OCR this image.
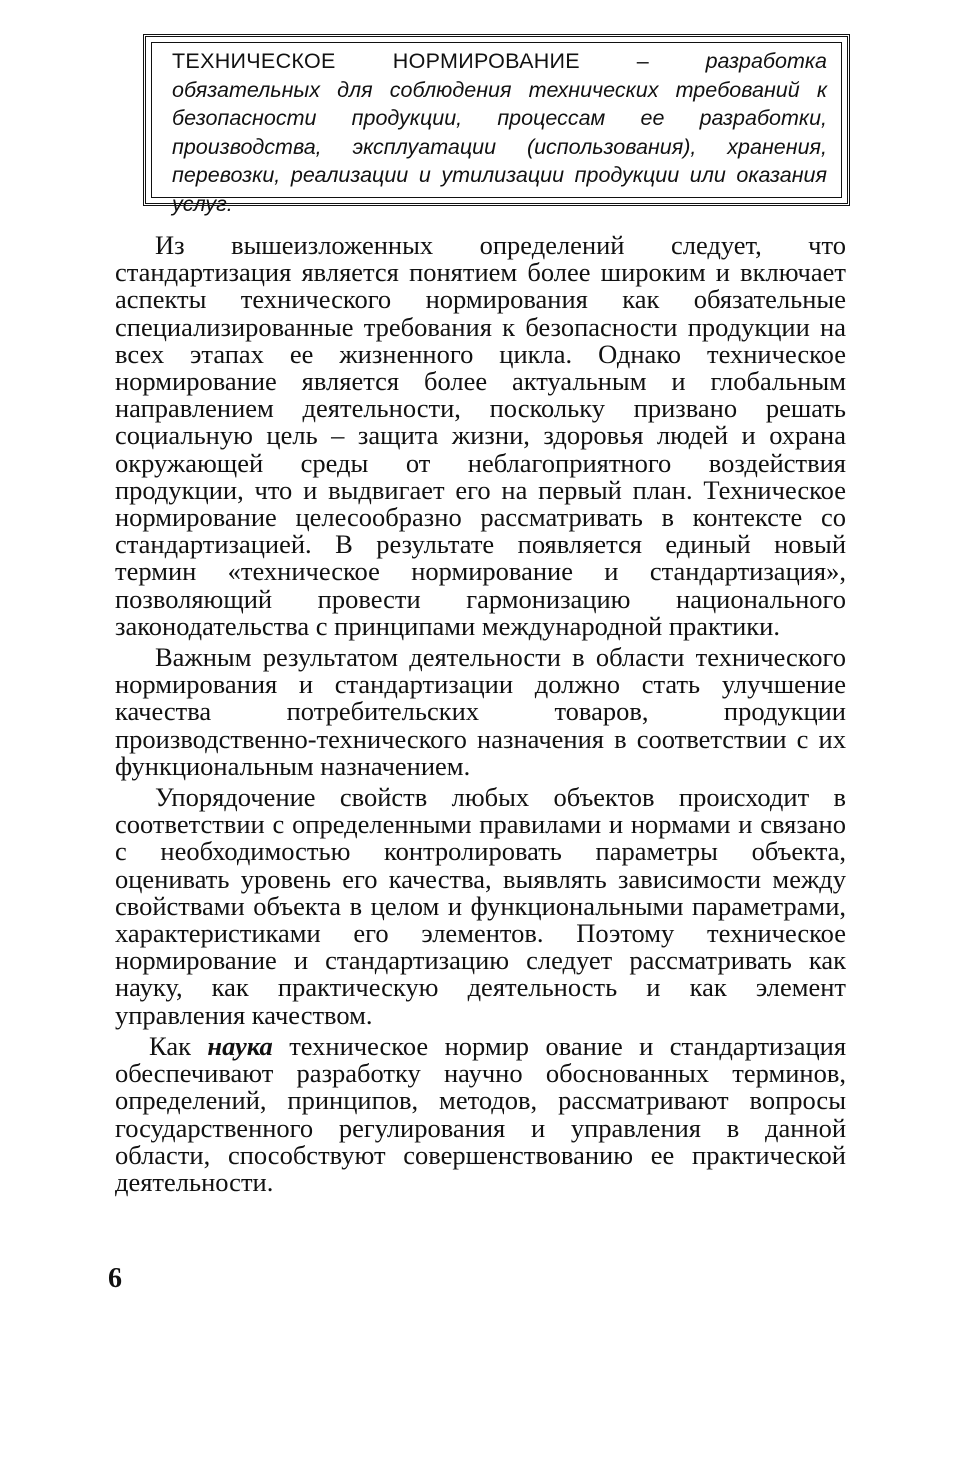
ТЕХНИЧЕСКОЕ НОРМИРОВАНИЕ	–	разработка обязательных для соблюдения технических требований к безопасности продукции, процессам ее разработки, производства, эксплуатации (использования), хранения, перевозки, реализации и утилизации продукции или оказания услуг.

Из вышеизложенных определений следует, что стандартизация является понятием более широким и включает аспекты технического нормирования как обязательные специализированные требования к безопасности продукции на всех этапах ее жизненного цикла. Однако техническое нормирование является более актуальным и глобальным направлением деятельности, поскольку призвано решать социальную цель – защита жизни, здоровья людей и охрана окружающей среды от неблагоприятного воздействия продукции, что и выдвигает его на первый план. Техническое нормирование целесообразно рассматривать в контексте со стандартизацией. В результате появляется единый новый термин «техническое нормирование и стандартизация», позволяющий провести гармонизацию национального законодательства с принципами международной практики.

Важным результатом деятельности в области технического нормирования и стандартизации должно стать улучшение качества потребительских товаров, продукции производственно-технического назначения в соответствии с их функциональным назначением.

Упорядочение свойств любых объектов происходит в соответствии с определенными правилами и нормами и связано с необходимостью контролировать параметры объекта, оценивать уровень его качества, выявлять зависимости между свойствами объекта в целом и функциональными параметрами, характеристиками его элементов. Поэтому техническое нормирование и стандартизацию следует рассматривать как науку, как практическую деятельность и как элемент управления качеством.

Как наука техническое нормир ование и стандартизация обеспечивают разработку научно обоснованных терминов, определений, принципов, методов, рассматривают вопросы государственного регулирования и управления в данной области, способствуют совершенствованию ее практической деятельности.

6
